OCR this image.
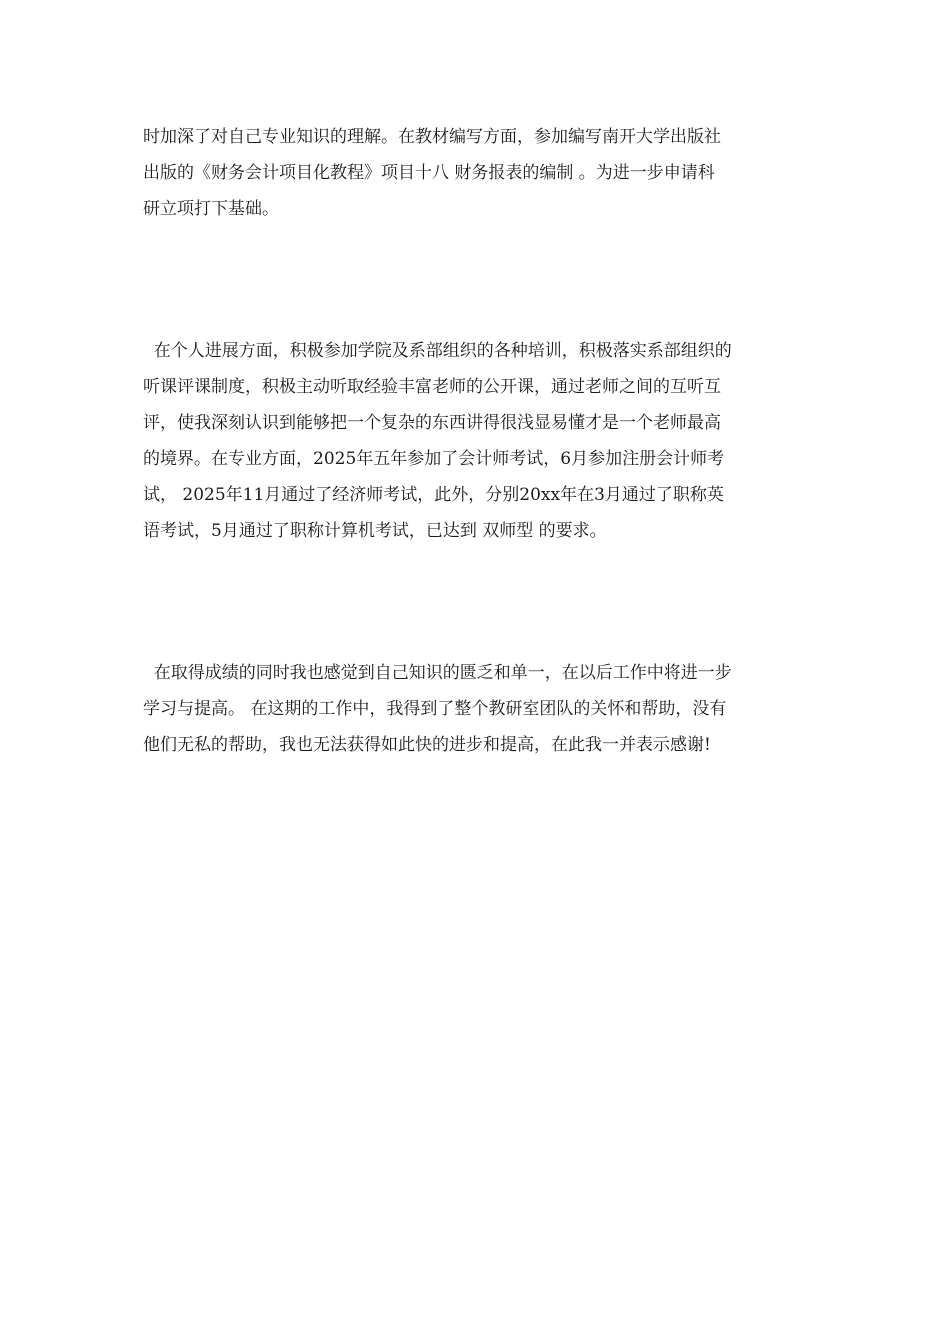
时加深了对自己专业知识的理解。在教材编写方面，参加编写南开大学出版社
出版的《财务会计项目化教程》项目十八 财务报表的编制 。为进一步申请科
研立项打下基础。
在个人进展方面，积极参加学院及系部组织的各种培训，积极落实系部组织的
听课评课制度，积极主动听取经验丰富老师的公开课，通过老师之间的互听互
评，使我深刻认识到能够把一个复杂的东西讲得很浅显易懂才是一个老师最高
的境界。在专业方面，2025年五年参加了会计师考试，6月参加注册会计师考
试， 2025年11月通过了经济师考试，此外，分别20xx年在3月通过了职称英
语考试，5月通过了职称计算机考试，已达到 双师型 的要求。
在取得成绩的同时我也感觉到自己知识的匮乏和单一，在以后工作中将进一步
学习与提高。 在这期的工作中，我得到了整个教研室团队的关怀和帮助，没有
他们无私的帮助，我也无法获得如此快的进步和提高，在此我一并表示感谢!
